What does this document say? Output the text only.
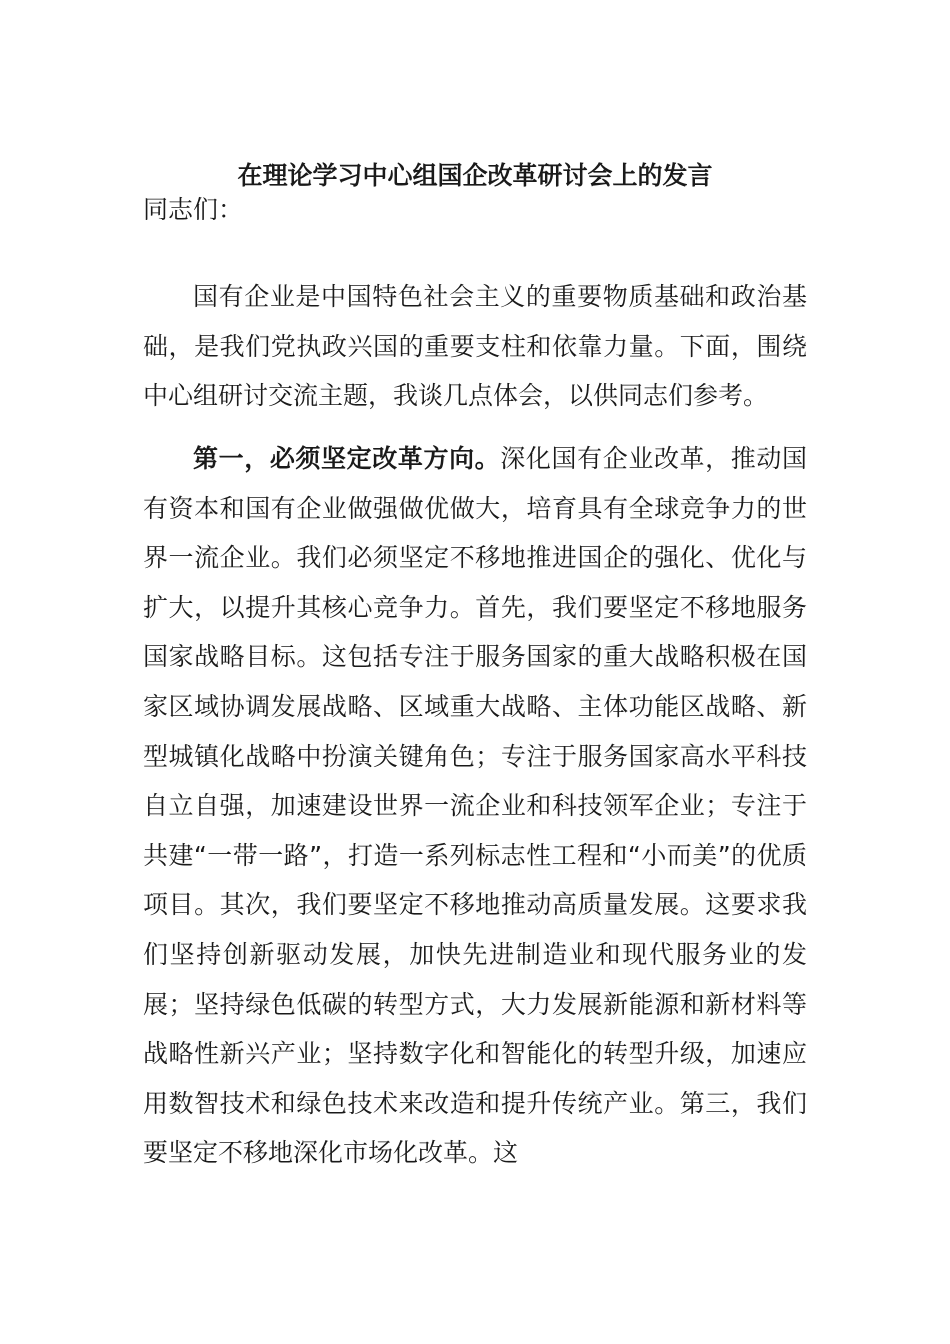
在理论学习中心组国企改革研讨会上的发言

同志们：

国有企业是中国特色社会主义的重要物质基础和政治基础，是我们党执政兴国的重要支柱和依靠力量。下面，围绕中心组研讨交流主题，我谈几点体会，以供同志们参考。

第一，必须坚定改革方向。深化国有企业改革，推动国有资本和国有企业做强做优做大，培育具有全球竞争力的世界一流企业。我们必须坚定不移地推进国企的强化、优化与扩大，以提升其核心竞争力。首先，我们要坚定不移地服务国家战略目标。这包括专注于服务国家的重大战略积极在国家区域协调发展战略、区域重大战略、主体功能区战略、新型城镇化战略中扮演关键角色；专注于服务国家高水平科技自立自强，加速建设世界一流企业和科技领军企业；专注于共建“一带一路”，打造一系列标志性工程和“小而美”的优质项目。其次，我们要坚定不移地推动高质量发展。这要求我们坚持创新驱动发展，加快先进制造业和现代服务业的发展；坚持绿色低碳的转型方式，大力发展新能源和新材料等战略性新兴产业；坚持数字化和智能化的转型升级，加速应用数智技术和绿色技术来改造和提升传统产业。第三，我们要坚定不移地深化市场化改革。这
